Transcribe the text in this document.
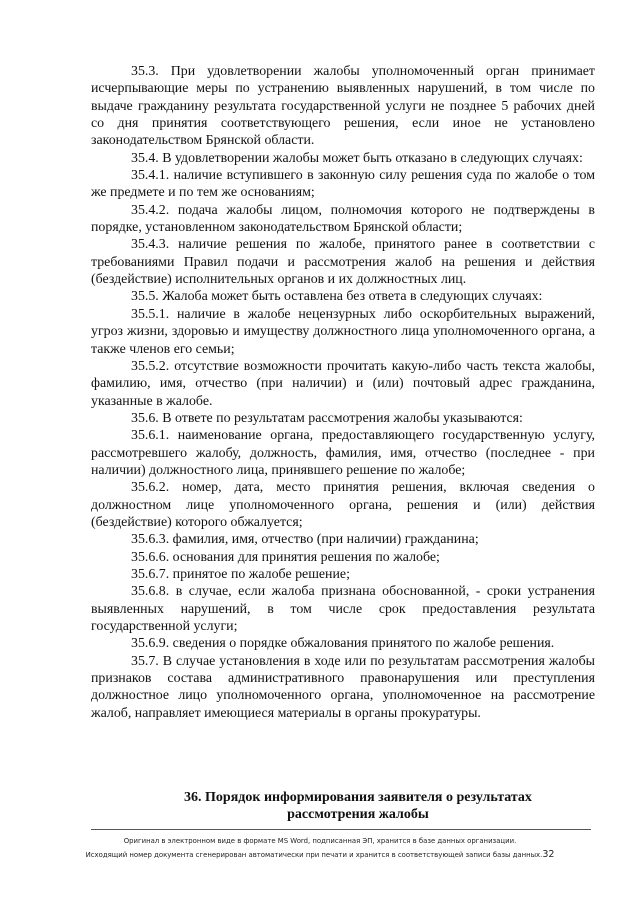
35.3. При удовлетворении жалобы уполномоченный орган принимает исчерпывающие меры по устранению выявленных нарушений, в том числе по выдаче гражданину результата государственной услуги не позднее 5 рабочих дней со дня принятия соответствующего решения, если иное не установлено законодательством Брянской области.

35.4. В удовлетворении жалобы может быть отказано в следующих случаях:

35.4.1. наличие вступившего в законную силу решения суда по жалобе о том же предмете и по тем же основаниям;

35.4.2. подача жалобы лицом, полномочия которого не подтверждены в порядке, установленном законодательством Брянской области;

35.4.3. наличие решения по жалобе, принятого ранее в соответствии с требованиями Правил подачи и рассмотрения жалоб на решения и действия (бездействие) исполнительных органов и их должностных лиц.

35.5. Жалоба может быть оставлена без ответа в следующих случаях:

35.5.1. наличие в жалобе нецензурных либо оскорбительных выражений, угроз жизни, здоровью и имуществу должностного лица уполномоченного органа, а также членов его семьи;

35.5.2. отсутствие возможности прочитать какую-либо часть текста жалобы, фамилию, имя, отчество (при наличии) и (или) почтовый адрес гражданина, указанные в жалобе.

35.6. В ответе по результатам рассмотрения жалобы указываются:

35.6.1. наименование органа, предоставляющего государственную услугу, рассмотревшего жалобу, должность, фамилия, имя, отчество (последнее - при наличии) должностного лица, принявшего решение по жалобе;

35.6.2. номер, дата, место принятия решения, включая сведения о должностном лице уполномоченного органа, решения и (или) действия (бездействие) которого обжалуется;

35.6.3. фамилия, имя, отчество (при наличии) гражданина;

35.6.6. основания для принятия решения по жалобе;

35.6.7. принятое по жалобе решение;

35.6.8. в случае, если жалоба признана обоснованной, - сроки устранения выявленных нарушений, в том числе срок предоставления результата государственной услуги;

35.6.9. сведения о порядке обжалования принятого по жалобе решения.

35.7. В случае установления в ходе или по результатам рассмотрения жалобы признаков состава административного правонарушения или преступления должностное лицо уполномоченного органа, уполномоченное на рассмотрение жалоб, направляет имеющиеся материалы в органы прокуратуры.

36. Порядок информирования заявителя о результатах
рассмотрения жалобы
Оригинал в электронном виде в формате MS Word, подписанная ЭП, хранится в базе данных организации.
Исходящий номер документа сгенерирован автоматически при печати и хранится в соответствующей записи базы данных.32
